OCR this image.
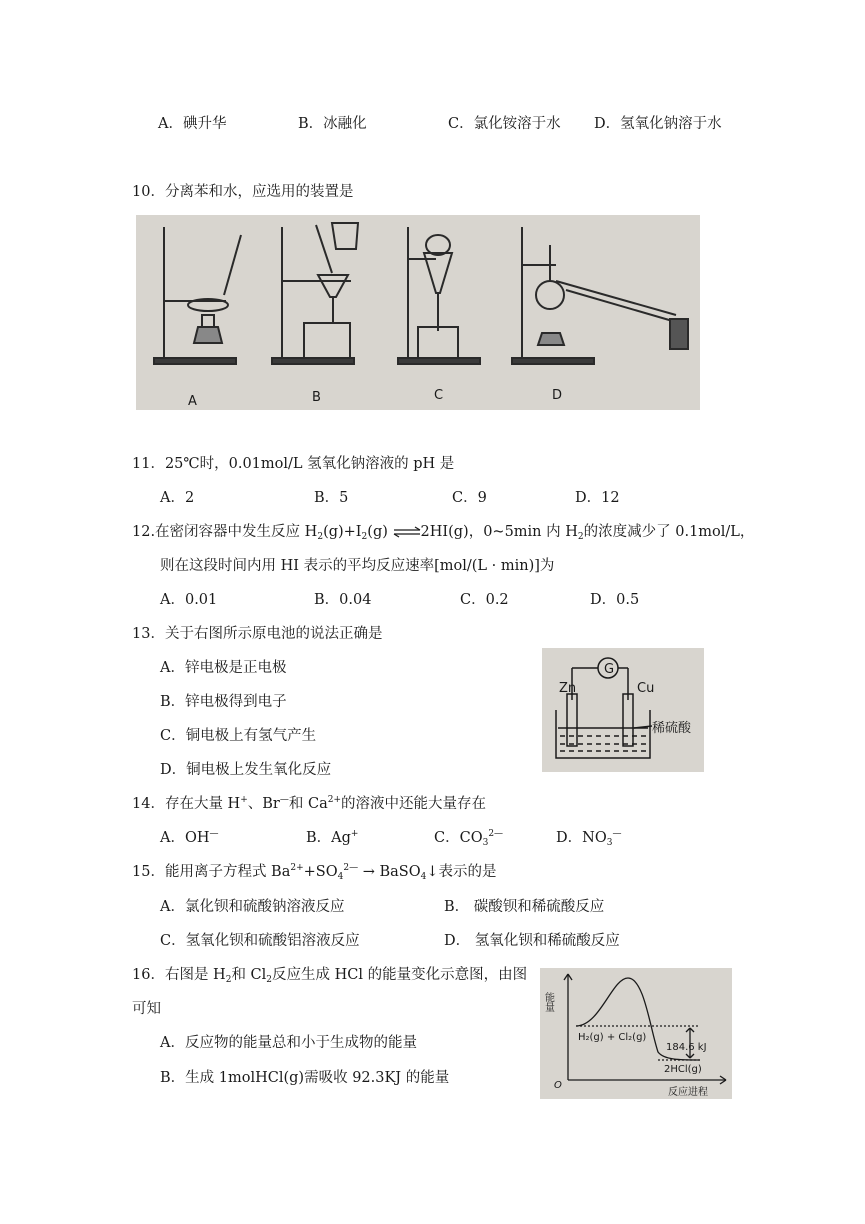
A．碘升华	B．冰融化	C．氯化铵溶于水 D．氢氧化钠溶于水
10．分离苯和水，应选用的装置是
A	B	C	D
11．25℃时，0.01mol/L 氢氧化钠溶液的 pH 是
A．2	B．5	C．9	D．12
12.在密闭容器中发生反应 $H_2(g)+I_2(g)$ ⇌2HI(g)，0~5min 内 $H_2$的浓度减少了 0.1mol/L，
则在这段时间内用 HI 表示的平均反应速率[mol/(L · min)]为
A．0.01	B．0.04	C．0.2	D．0.5
13．关于右图所示原电池的说法正确是
A．锌电极是正电极
B．锌电极得到电子
C．铜电极上有氢气产生
D．铜电极上发生氧化反应
G
Zn	Cu
稀硫酸
14．存在大量 H+、Br—和 $Ca^{2+}$的溶液中还能大量存在
A．OH—	B．Ag+	C．$CO_3^{2—}$	D．$NO_3^—$
15．能用离子方程式 $Ba^{2+}+SO_4^{2—}$ → BaSO$_4$↓表示的是
A．氯化钡和硫酸钠溶液反应	B． 碳酸钡和稀硫酸反应
C．氢氧化钡和硫酸铝溶液反应	D． 氢氧化钡和稀硫酸反应
16．右图是 $H_2$和 $Cl_2$反应生成 HCl 的能量变化示意图，由图
可知
A．反应物的能量总和小于生成物的能量
B．生成 1molHCl(g)需吸收 92.3KJ 的能量
能量
O
H₂(g) + Cl₂(g)
184.6 kJ
2HCl(g)
反应进程
